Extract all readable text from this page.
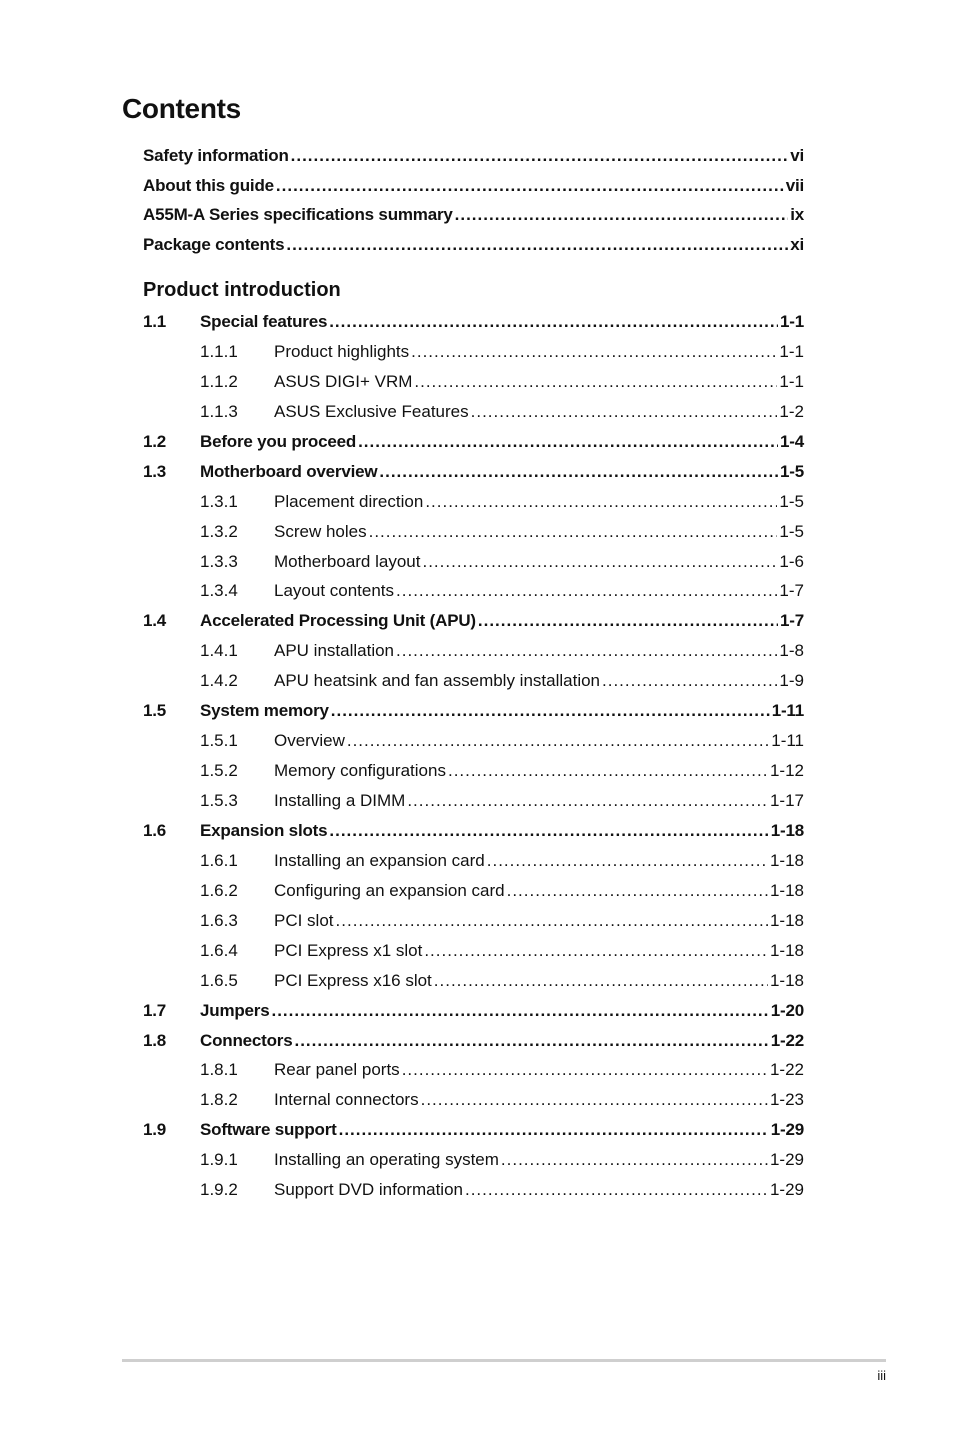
Contents
Safety information .....	vi
About this guide .....	vii
A55M-A Series specifications summary .....	ix
Package contents .....	xi
Product introduction
1.1	Special features .....	1-1
1.1.1	Product highlights .....	1-1
1.1.2	ASUS DIGI+ VRM .....	1-1
1.1.3	ASUS Exclusive Features .....	1-2
1.2	Before you proceed .....	1-4
1.3	Motherboard overview .....	1-5
1.3.1	Placement direction .....	1-5
1.3.2	Screw holes .....	1-5
1.3.3	Motherboard layout .....	1-6
1.3.4	Layout contents .....	1-7
1.4	Accelerated Processing Unit (APU) .....	1-7
1.4.1	APU installation .....	1-8
1.4.2	APU heatsink and fan assembly installation .....	1-9
1.5	System memory .....	1-11
1.5.1	Overview .....	1-11
1.5.2	Memory configurations .....	1-12
1.5.3	Installing a DIMM .....	1-17
1.6	Expansion slots .....	1-18
1.6.1	Installing an expansion card .....	1-18
1.6.2	Configuring an expansion card .....	1-18
1.6.3	PCI slot .....	1-18
1.6.4	PCI Express x1 slot .....	1-18
1.6.5	PCI Express x16 slot .....	1-18
1.7	Jumpers .....	1-20
1.8	Connectors .....	1-22
1.8.1	Rear panel ports .....	1-22
1.8.2	Internal connectors .....	1-23
1.9	Software support .....	1-29
1.9.1	Installing an operating system .....	1-29
1.9.2	Support DVD information .....	1-29
iii
